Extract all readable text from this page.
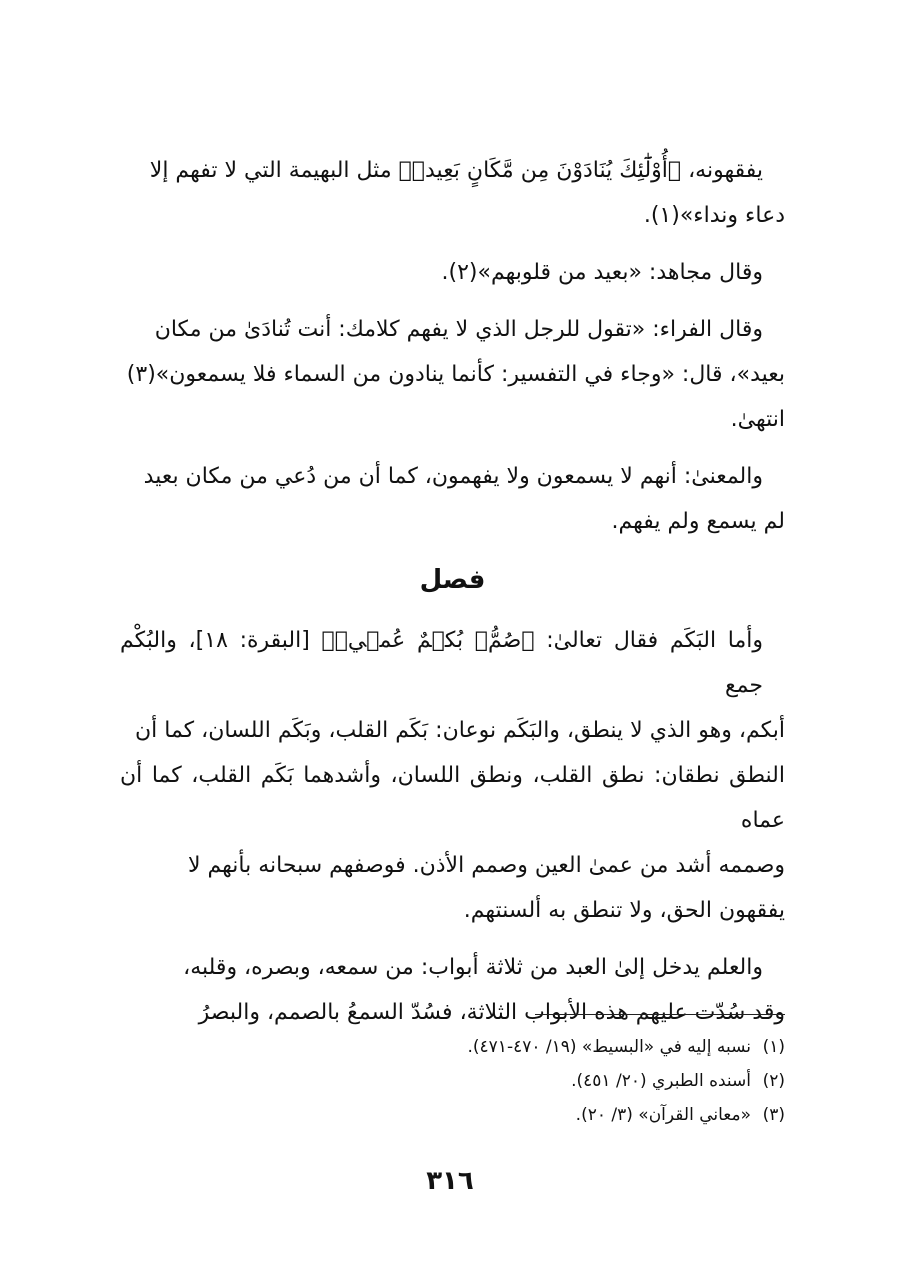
يفقهونه، ﴿أُوْلَٰٓئِكَ يُنَادَوْنَ مِن مَّكَانٍ بَعِيدٖ﴾ مثل البهيمة التي لا تفهم إلا
دعاء ونداء»(١).
وقال مجاهد: «بعيد من قلوبهم»(٢).
وقال الفراء: «تقول للرجل الذي لا يفهم كلامك: أنت تُنادَىٰ من مكان
بعيد»، قال: «وجاء في التفسير: كأنما ينادون من السماء فلا يسمعون»(٣)
انتهىٰ.
والمعنىٰ: أنهم لا يسمعون ولا يفهمون، كما أن من دُعي من مكان بعيد
لم يسمع ولم يفهم.
فصل
وأما البَكَم فقال تعالىٰ: ﴿صُمُّۢ بُكۡمٌ عُمۡيٞ﴾ [البقرة: ١٨]، والبُكْم جمع
أبكم، وهو الذي لا ينطق، والبَكَم نوعان: بَكَم القلب، وبَكَم اللسان، كما أن
النطق نطقان: نطق القلب، ونطق اللسان، وأشدهما بَكَم القلب، كما أن عماه
وصممه أشد من عمىٰ العين وصمم الأذن. فوصفهم سبحانه بأنهم لا
يفقهون الحق، ولا تنطق به ألسنتهم.
والعلم يدخل إلىٰ العبد من ثلاثة أبواب: من سمعه، وبصره، وقلبه،
وقد سُدّت عليهم هذه الأبواب الثلاثة، فسُدّ السمعُ بالصمم، والبصرُ
(١)نسبه إليه في «البسيط» (١٩/ ٤٧٠-٤٧١).
(٢)أسنده الطبري (٢٠/ ٤٥١).
(٣)«معاني القرآن» (٣/ ٢٠).
٣١٦
